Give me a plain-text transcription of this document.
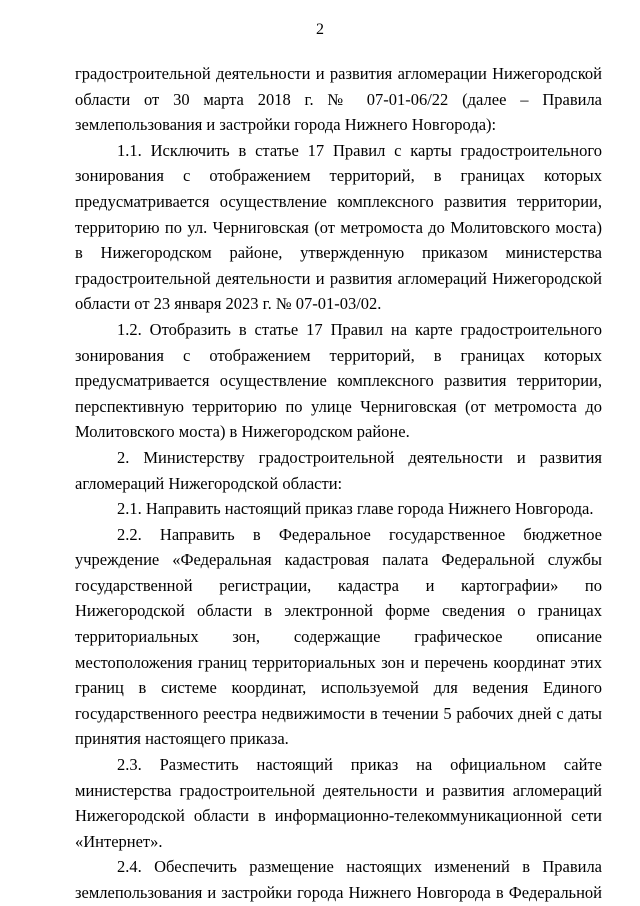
2

градостроительной деятельности и развития агломерации Нижегородской области от 30 марта 2018 г. № 07-01-06/22 (далее – Правила землепользования и застройки города Нижнего Новгорода):

1.1. Исключить в статье 17 Правил с карты градостроительного зонирования с отображением территорий, в границах которых предусматривается осуществление комплексного развития территории, территорию по ул. Черниговская (от метромоста до Молитовского моста) в Нижегородском районе, утвержденную приказом министерства градостроительной деятельности и развития агломераций Нижегородской области от 23 января 2023 г. № 07-01-03/02.

1.2. Отобразить в статье 17 Правил на карте градостроительного зонирования с отображением территорий, в границах которых предусматривается осуществление комплексного развития территории, перспективную территорию по улице Черниговская (от метромоста до Молитовского моста) в Нижегородском районе.

2. Министерству градостроительной деятельности и развития агломераций Нижегородской области:

2.1. Направить настоящий приказ главе города Нижнего Новгорода.

2.2. Направить в Федеральное государственное бюджетное учреждение «Федеральная кадастровая палата Федеральной службы государственной регистрации, кадастра и картографии» по Нижегородской области в электронной форме сведения о границах территориальных зон, содержащие графическое описание местоположения границ территориальных зон и перечень координат этих границ в системе координат, используемой для ведения Единого государственного реестра недвижимости в течении 5 рабочих дней с даты принятия настоящего приказа.

2.3. Разместить настоящий приказ на официальном сайте министерства градостроительной деятельности и развития агломераций Нижегородской области в информационно-телекоммуникационной сети «Интернет».

2.4. Обеспечить размещение настоящих изменений в Правила землепользования и застройки города Нижнего Новгорода в Федеральной
